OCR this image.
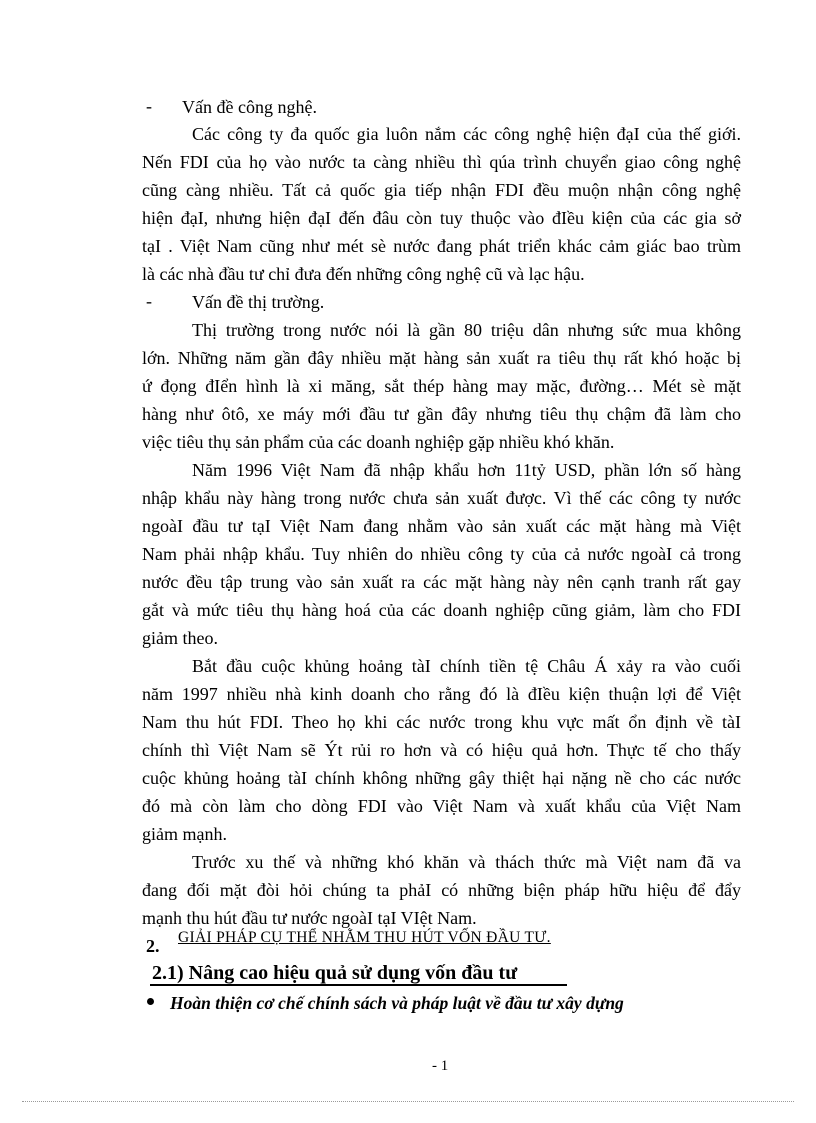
- Vấn đề công nghệ.
Các công ty đa quốc gia luôn nắm các công nghệ hiện đạI của thế giới.
Nến FDI của họ vào nước ta càng nhiều thì qúa trình chuyển giao công nghệ
cũng càng nhiều. Tất cả quốc gia tiếp nhận FDI đều muộn nhận công nghệ
hiện đạI, nhưng hiện đạI đến đâu còn tuy thuộc vào đIều kiện của các gia sở
tạI . Việt Nam cũng như mét sè nước đang phát triển khác cảm giác bao trùm
là các nhà đầu tư chỉ đưa đến những công nghệ cũ và lạc hậu.
- Vấn đề thị trường.
Thị trường trong nước nói là gần 80 triệu dân nhưng sức mua không
lớn. Những năm gần đây nhiều mặt hàng sản xuất ra tiêu thụ rất khó hoặc bị
ứ đọng đIển hình là xi măng, sắt thép hàng may mặc, đường… Mét sè mặt
hàng như ôtô, xe máy mới đầu tư gần đây nhưng tiêu thụ chậm đã làm cho
việc tiêu thụ sản phẩm của các doanh nghiệp gặp nhiều khó khăn.
Năm 1996 Việt Nam đã nhập khẩu hơn 11tỷ USD, phần lớn số hàng
nhập khẩu này hàng trong nước chưa sản xuất được. Vì thế các công ty nước
ngoàI đầu tư tạI Việt Nam đang nhằm vào sản xuất các mặt hàng mà Việt
Nam phải nhập khẩu. Tuy nhiên do nhiều công ty của cả nước ngoàI cả trong
nước đều tập trung vào sản xuất ra các mặt hàng này nên cạnh tranh rất gay
gắt và mức tiêu thụ hàng hoá của các doanh nghiệp cũng giảm, làm cho FDI
giảm theo.
Bắt đầu cuộc khủng hoảng tàI chính tiền tệ Châu Á xảy ra vào cuối
năm 1997 nhiều nhà kinh doanh cho rằng đó là đIều kiện thuận lợi để Việt
Nam thu hút FDI. Theo họ khi các nước trong khu vực mất ổn định về tàI
chính thì Việt Nam sẽ Ýt rủi ro hơn và có hiệu quả hơn. Thực tế cho thấy
cuộc khủng hoảng tàI chính không những gây thiệt hại nặng nề cho các nước
đó mà còn làm cho dòng FDI vào Việt Nam và xuất khẩu của Việt Nam
giảm mạnh.
Trước xu thế và những khó khăn và thách thức mà Việt nam đã va
đang đối mặt đòi hỏi chúng ta phảI có những biện pháp hữu hiệu để đẩy
mạnh thu hút đầu tư nước ngoàI tạI VIệt Nam.
2. GIẢI PHÁP CỤ THỂ NHẰM THU HÚT VỐN ĐẦU TƯ.
2.1) Nâng cao hiệu quả sử dụng vốn đầu tư
Hoàn thiện cơ chế chính sách và pháp luật về đầu tư xây dựng
- 1
